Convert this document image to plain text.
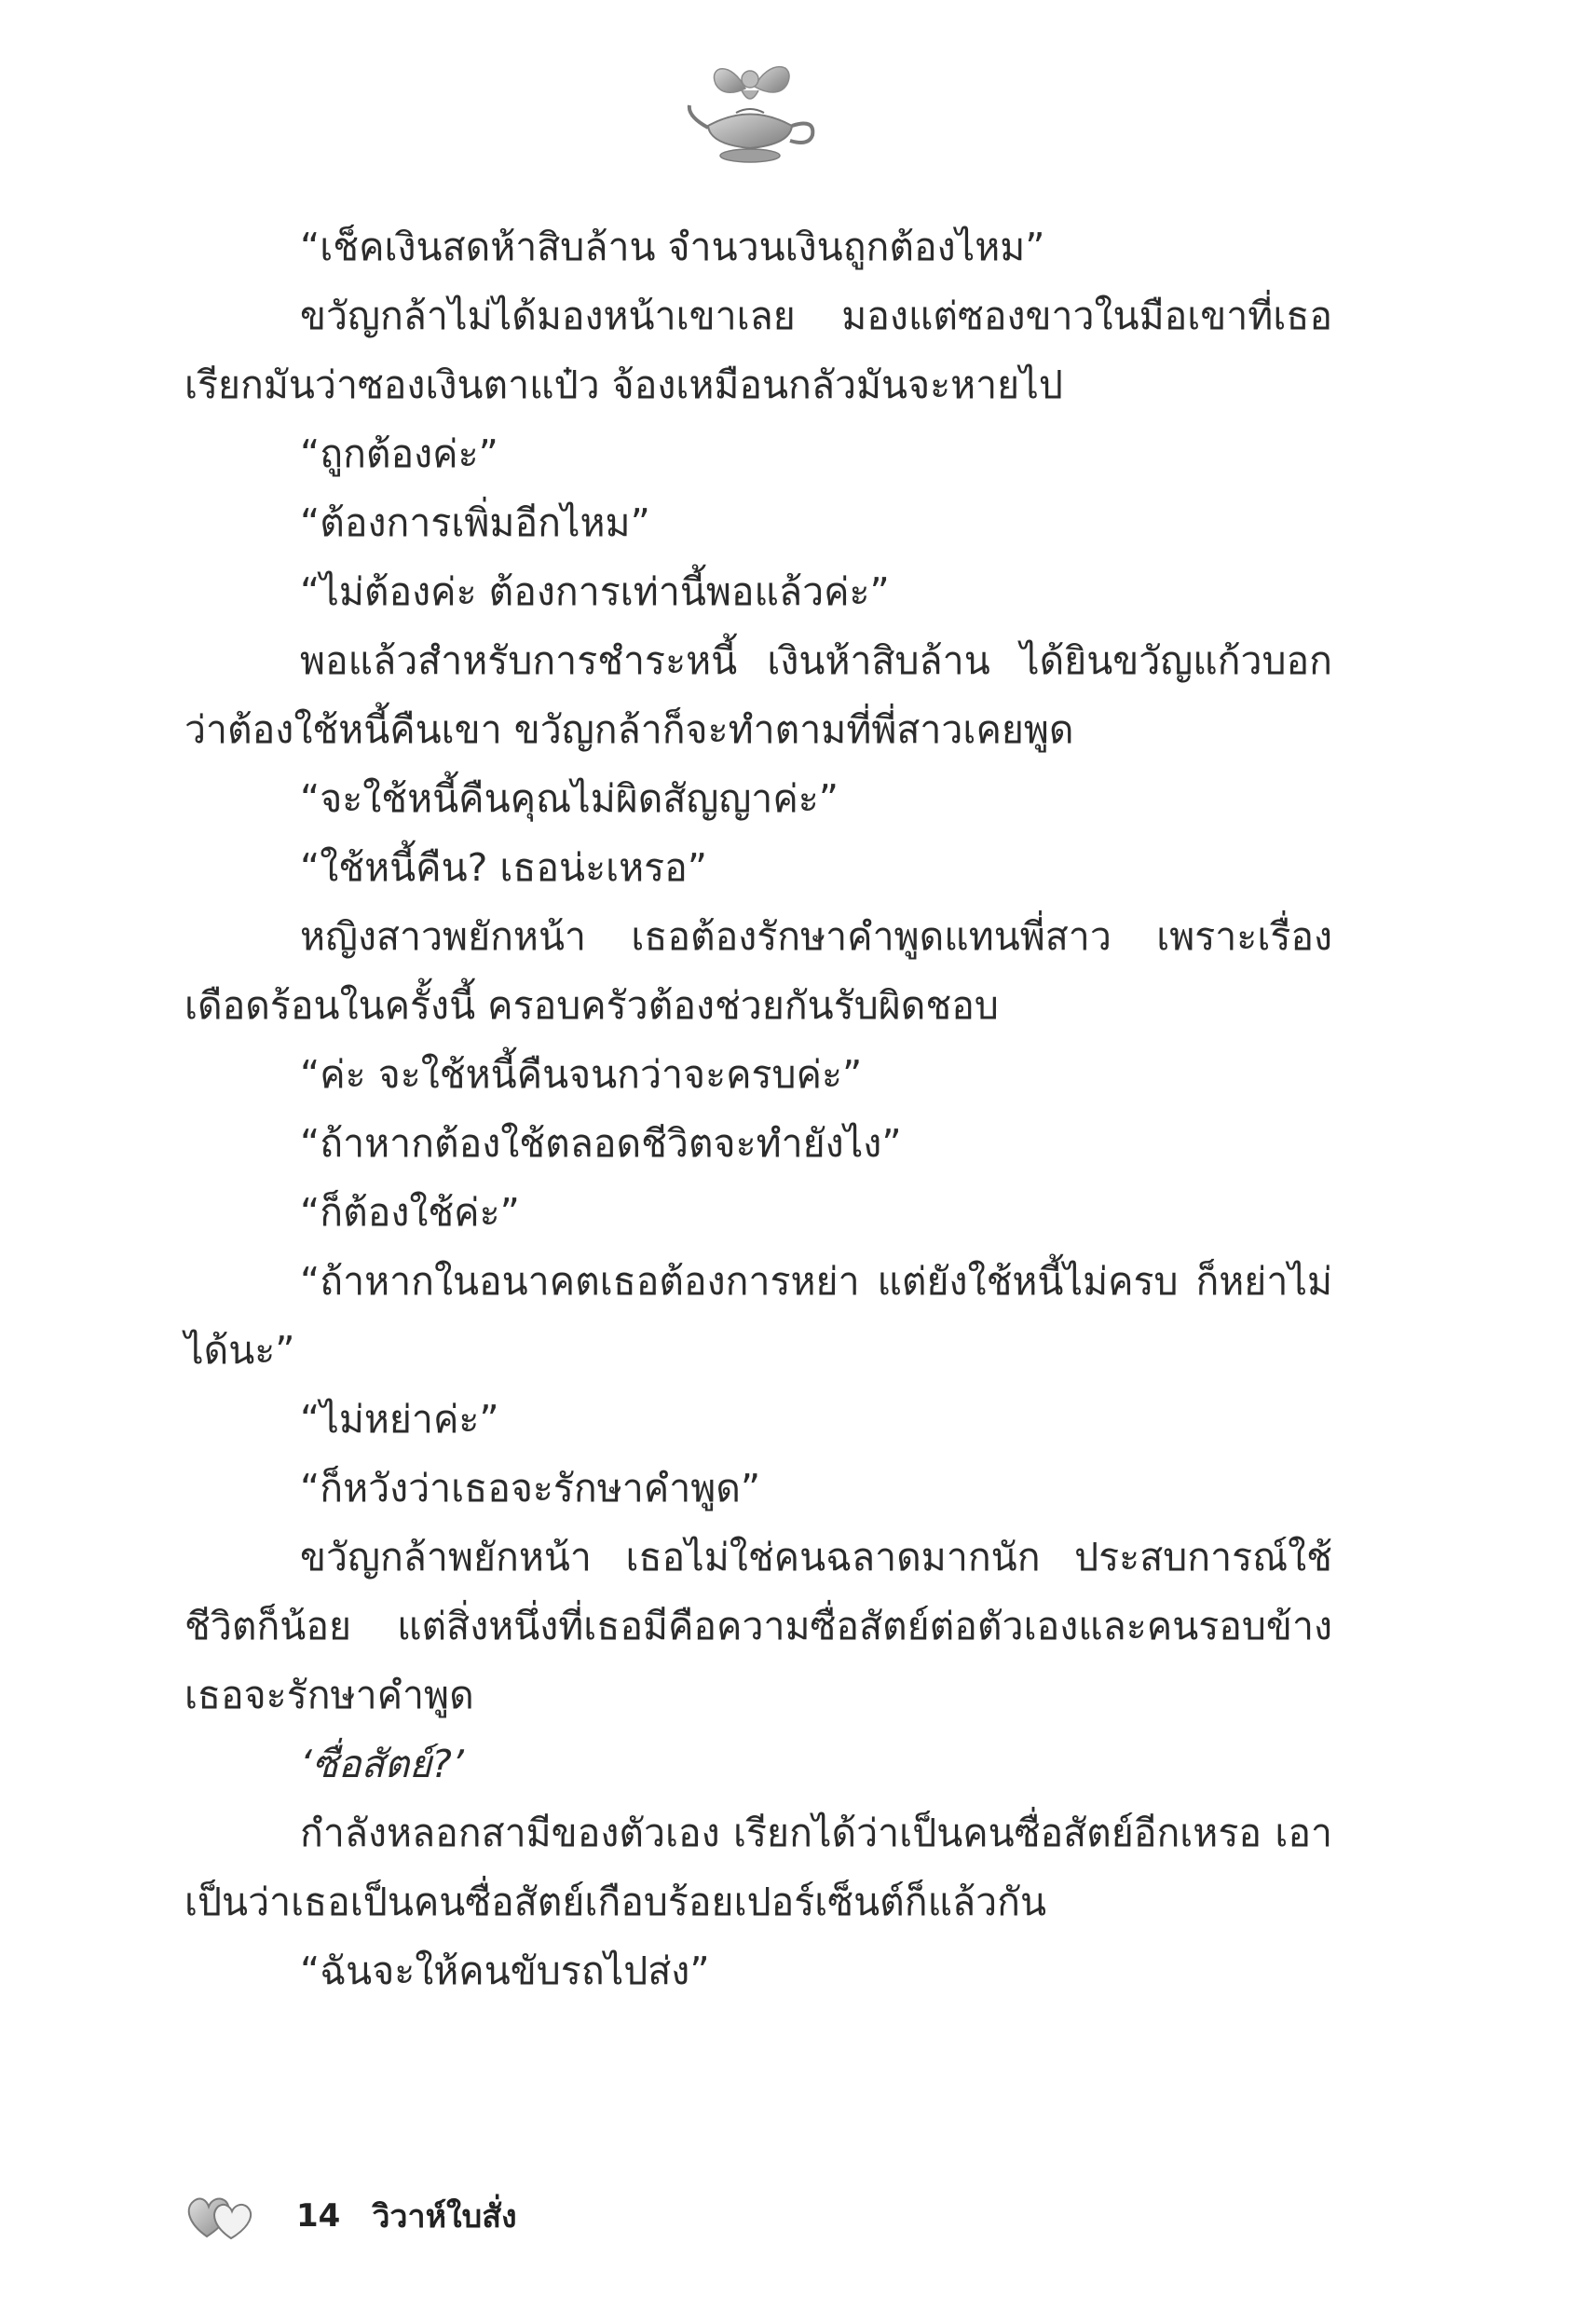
“เช็คเงินสดห้าสิบล้าน จำนวนเงินถูกต้องไหม”

ขวัญกล้าไม่ได้มองหน้าเขาเลย มองแต่ซองขาวในมือเขาที่เธอเรียกมันว่าซองเงินตาแป๋ว จ้องเหมือนกลัวมันจะหายไป

“ถูกต้องค่ะ”

“ต้องการเพิ่มอีกไหม”

“ไม่ต้องค่ะ ต้องการเท่านี้พอแล้วค่ะ”

พอแล้วสำหรับการชำระหนี้ เงินห้าสิบล้าน ได้ยินขวัญแก้วบอกว่าต้องใช้หนี้คืนเขา ขวัญกล้าก็จะทำตามที่พี่สาวเคยพูด

“จะใช้หนี้คืนคุณไม่ผิดสัญญาค่ะ”

“ใช้หนี้คืน? เธอน่ะเหรอ”

หญิงสาวพยักหน้า เธอต้องรักษาคำพูดแทนพี่สาว เพราะเรื่องเดือดร้อนในครั้งนี้ ครอบครัวต้องช่วยกันรับผิดชอบ

“ค่ะ จะใช้หนี้คืนจนกว่าจะครบค่ะ”

“ถ้าหากต้องใช้ตลอดชีวิตจะทำยังไง”

“ก็ต้องใช้ค่ะ”

“ถ้าหากในอนาคตเธอต้องการหย่า แต่ยังใช้หนี้ไม่ครบ ก็หย่าไม่ได้นะ”

“ไม่หย่าค่ะ”

“ก็หวังว่าเธอจะรักษาคำพูด”

ขวัญกล้าพยักหน้า เธอไม่ใช่คนฉลาดมากนัก ประสบการณ์ใช้ชีวิตก็น้อย แต่สิ่งหนึ่งที่เธอมีคือความซื่อสัตย์ต่อตัวเองและคนรอบข้าง เธอจะรักษาคำพูด

‘ซื่อสัตย์?’

กำลังหลอกสามีของตัวเอง เรียกได้ว่าเป็นคนซื่อสัตย์อีกเหรอ เอาเป็นว่าเธอเป็นคนซื่อสัตย์เกือบร้อยเปอร์เซ็นต์ก็แล้วกัน

“ฉันจะให้คนขับรถไปส่ง”

14 วิวาห์ใบสั่ง
